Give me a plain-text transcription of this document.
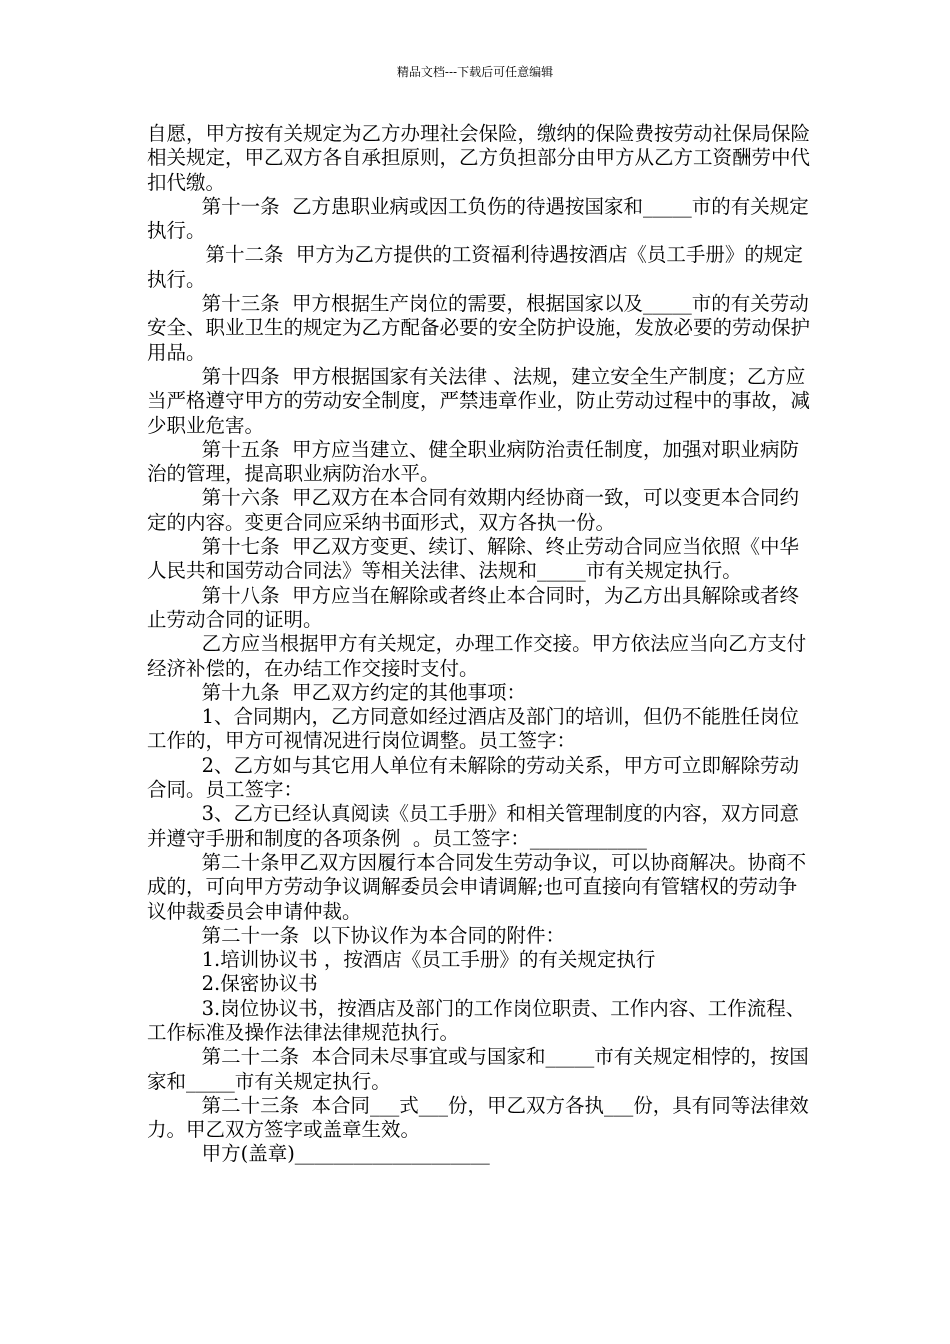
精品文档---下载后可任意编辑

自愿，甲方按有关规定为乙方办理社会保险，缴纳的保险费按劳动社保局保险相关规定，甲乙双方各自承担原则，乙方负担部分由甲方从乙方工资酬劳中代扣代缴。

第十一条  乙方患职业病或因工负伤的待遇按国家和_____市的有关规定执行。

第十二条  甲方为乙方提供的工资福利待遇按酒店《员工手册》的规定执行。

第十三条  甲方根据生产岗位的需要，根据国家以及_____市的有关劳动安全、职业卫生的规定为乙方配备必要的安全防护设施，发放必要的劳动保护用品。

第十四条  甲方根据国家有关法律 、法规，建立安全生产制度；乙方应当严格遵守甲方的劳动安全制度，严禁违章作业，防止劳动过程中的事故，减少职业危害。

第十五条  甲方应当建立、健全职业病防治责任制度，加强对职业病防治的管理，提高职业病防治水平。

第十六条  甲乙双方在本合同有效期内经协商一致，可以变更本合同约定的内容。变更合同应采纳书面形式，双方各执一份。

第十七条  甲乙双方变更、续订、解除、终止劳动合同应当依照《中华人民共和国劳动合同法》等相关法律、法规和_____市有关规定执行。

第十八条  甲方应当在解除或者终止本合同时，为乙方出具解除或者终止劳动合同的证明。

乙方应当根据甲方有关规定，办理工作交接。甲方依法应当向乙方支付经济补偿的，在办结工作交接时支付。

第十九条  甲乙双方约定的其他事项：

1、合同期内，乙方同意如经过酒店及部门的培训，但仍不能胜任岗位工作的，甲方可视情况进行岗位调整。员工签字：

2、乙方如与其它用人单位有未解除的劳动关系，甲方可立即解除劳动合同。员工签字：

3、乙方已经认真阅读《员工手册》和相关管理制度的内容，双方同意并遵守手册和制度的各项条例  。员工签字：____________

第二十条甲乙双方因履行本合同发生劳动争议，可以协商解决。协商不成的，可向甲方劳动争议调解委员会申请调解;也可直接向有管辖权的劳动争议仲裁委员会申请仲裁。

第二十一条  以下协议作为本合同的附件：

1.培训协议书 ，按酒店《员工手册》的有关规定执行

2.保密协议书

3.岗位协议书，按酒店及部门的工作岗位职责、工作内容、工作流程、工作标准及操作法律法律规范执行。

第二十二条  本合同未尽事宜或与国家和_____市有关规定相悖的，按国家和_____市有关规定执行。

第二十三条  本合同___式___份，甲乙双方各执___份，具有同等法律效力。甲乙双方签字或盖章生效。

甲方(盖章)____________________
